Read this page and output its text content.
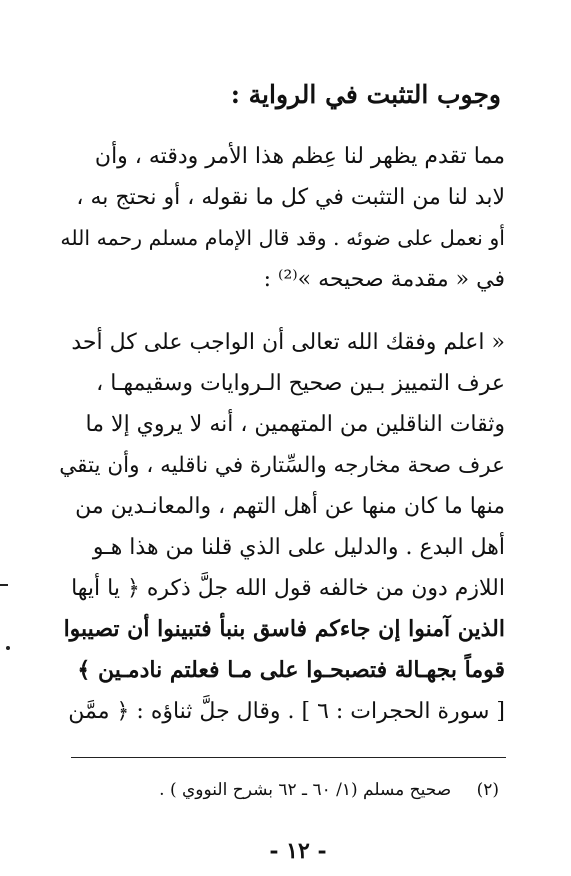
وجوب التثبت في الرواية :
مما تقدم يظهر لنا عِظم هذا الأمر ودقته ، وأن
لابد لنا من التثبت في كل ما نقوله ، أو نحتج به ،
أو نعمل على ضوئه . وقد قال الإمام مسلم رحمه الله
في « مقدمة صحيحه »⁽²⁾ :
« اعلم وفقك الله تعالى أن الواجب على كل أحد
عرف التمييز بـين صحيح الـروايات وسقيمهـا ،
وثقات الناقلين من المتهمين ، أنه لا يروي إلا ما
عرف صحة مخارجه والسِّتارة في ناقليه ، وأن يتقي
منها ما كان منها عن أهل التهم ، والمعانـدين من
أهل البدع . والدليل على الذي قلنا من هذا هـو
اللازم دون من خالفه قول الله جلَّ ذكره ﴿ يا أيها
الذين آمنوا إن جاءكم فاسق بنبأ فتبينوا أن تصيبوا
قوماً بجهـالة فتصبحـوا على مـا فعلتم نادمـين ﴾
[ سورة الحجرات : ٦ ] . وقال جلَّ ثناؤه : ﴿ ممَّن
(٢) صحيح مسلم (١/ ٦٠ ـ ٦٢ بشرح النووي ) .
- ١٢ -
